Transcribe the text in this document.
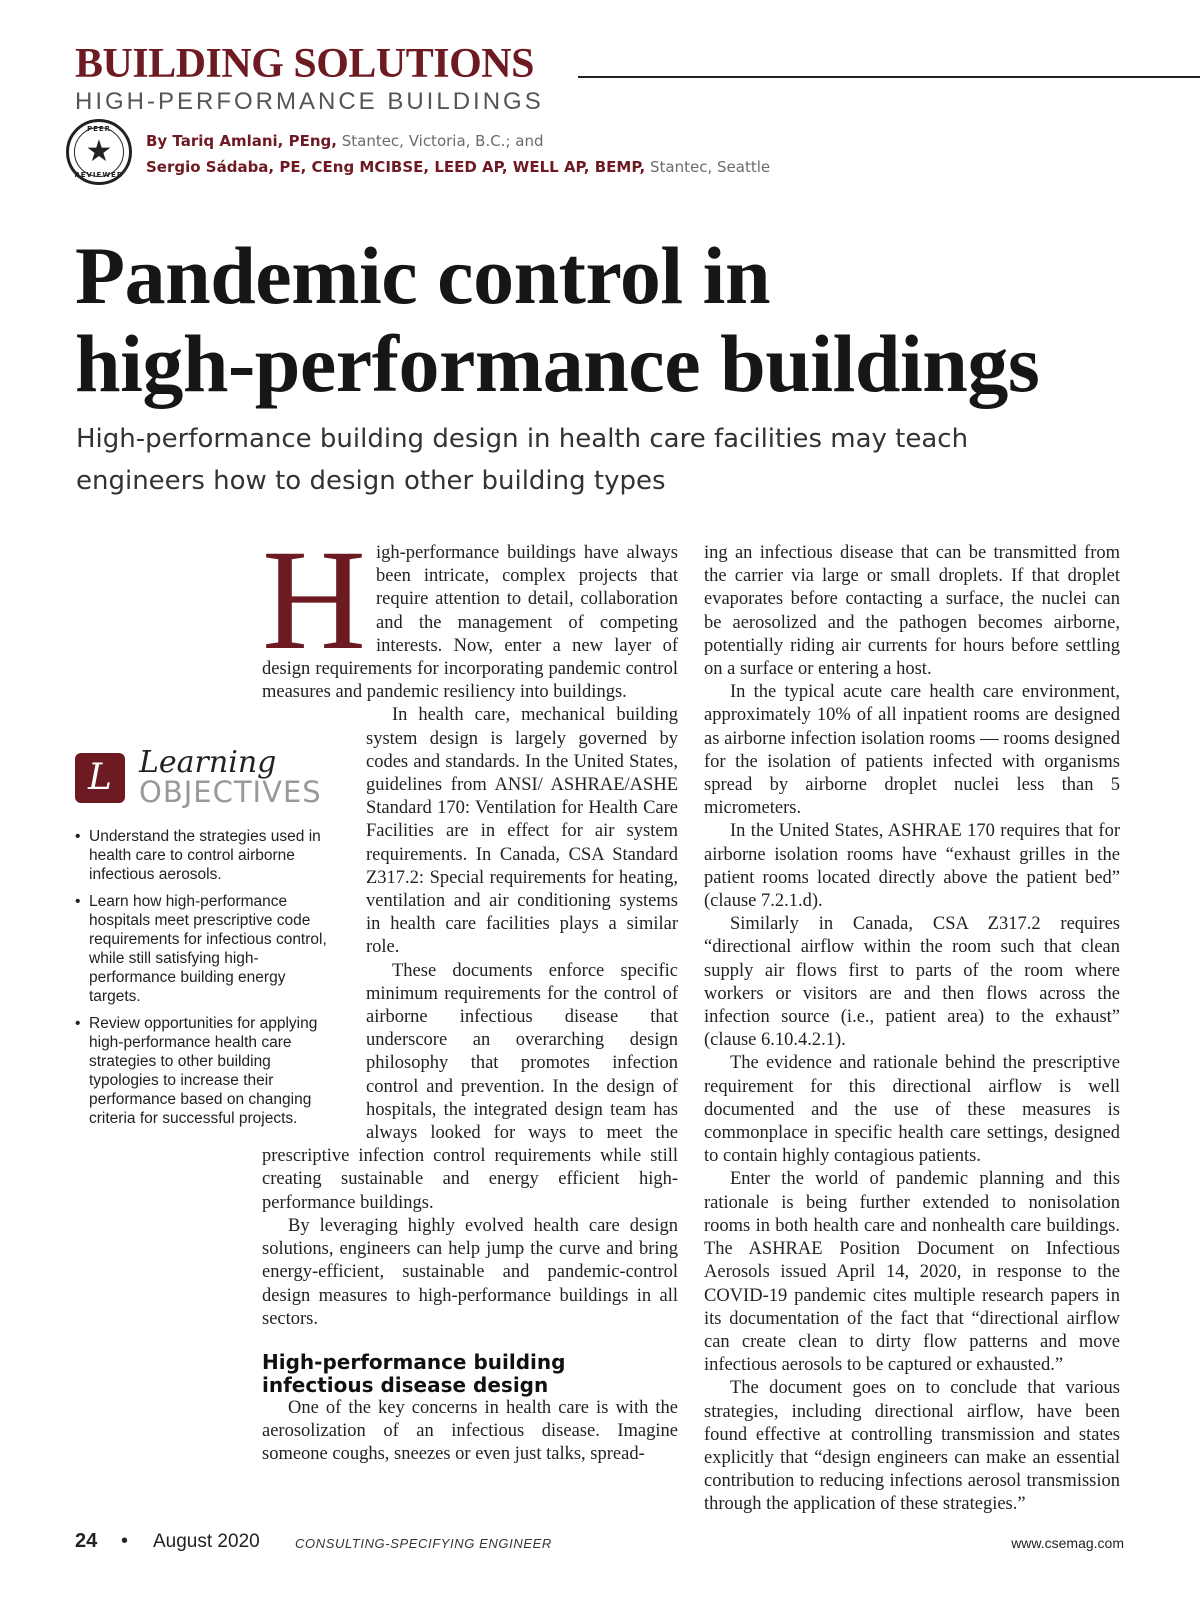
BUILDING SOLUTIONS
HIGH-PERFORMANCE BUILDINGS
PEER
★
REVIEWED
By Tariq Amlani, PEng, Stantec, Victoria, B.C.; and
Sergio Sádaba, PE, CEng MCIBSE, LEED AP, WELL AP, BEMP, Stantec, Seattle
Pandemic control in
high-performance buildings
High-performance building design in health care facilities may teach
engineers how to design other building types
H igh-performance buildings have always been intricate, complex projects that require attention to detail, collaboration and the management of competing interests. Now, enter a new layer of design requirements for incorporating pandemic control measures and pandemic resiliency into buildings.

In health care, mechanical building system design is largely governed by codes and standards. In the United States, guidelines from ANSI/ ASHRAE/ASHE Standard 170: Ventilation for Health Care Facilities are in effect for air system requirements. In Canada, CSA Standard Z317.2: Special requirements for heating, ventilation and air conditioning systems in health care facilities plays a similar role.

These documents enforce specific minimum requirements for the control of airborne infectious disease that underscore an overarching design philosophy that promotes infection control and prevention. In the design of hospitals, the integrated design team has always looked for ways to meet the prescriptive infection control requirements while still creating sustainable and energy efficient high-performance buildings.

By leveraging highly evolved health care design solutions, engineers can help jump the curve and bring energy-efficient, sustainable and pandemic-control design measures to high-performance buildings in all sectors.

High-performance building infectious disease design

One of the key concerns in health care is with the aerosolization of an infectious disease. Imagine someone coughs, sneezes or even just talks, spread-

ing an infectious disease that can be transmitted from the carrier via large or small droplets. If that droplet evaporates before contacting a surface, the nuclei can be aerosolized and the pathogen becomes airborne, potentially riding air currents for hours before settling on a surface or entering a host.

In the typical acute care health care environment, approximately 10% of all inpatient rooms are designed as airborne infection isolation rooms — rooms designed for the isolation of patients infected with organisms spread by airborne droplet nuclei less than 5 micrometers.

In the United States, ASHRAE 170 requires that for airborne isolation rooms have “exhaust grilles in the patient rooms located directly above the patient bed” (clause 7.2.1.d).

Similarly in Canada, CSA Z317.2 requires “directional airflow within the room such that clean supply air flows first to parts of the room where workers or visitors are and then flows across the infection source (i.e., patient area) to the exhaust” (clause 6.10.4.2.1).

The evidence and rationale behind the prescriptive requirement for this directional airflow is well documented and the use of these measures is commonplace in specific health care settings, designed to contain highly contagious patients.

Enter the world of pandemic planning and this rationale is being further extended to nonisolation rooms in both health care and nonhealth care buildings. The ASHRAE Position Document on Infectious Aerosols issued April 14, 2020, in response to the COVID-19 pandemic cites multiple research papers in its documentation of the fact that “directional airflow can create clean to dirty flow patterns and move infectious aerosols to be captured or exhausted.”

The document goes on to conclude that various strategies, including directional airflow, have been found effective at controlling transmission and states explicitly that “design engineers can make an essential contribution to reducing infections aerosol transmission through the application of these strategies.”

L Learning
OBJECTIVES
• Understand the strategies used in health care to control airborne infectious aerosols.
• Learn how high-performance hospitals meet prescriptive code requirements for infectious control, while still satisfying high-performance building energy targets.
• Review opportunities for applying high-performance health care strategies to other building typologies to increase their performance based on changing criteria for successful projects.
24 • August 2020	CONSULTING-SPECIFYING ENGINEER	www.csemag.com
